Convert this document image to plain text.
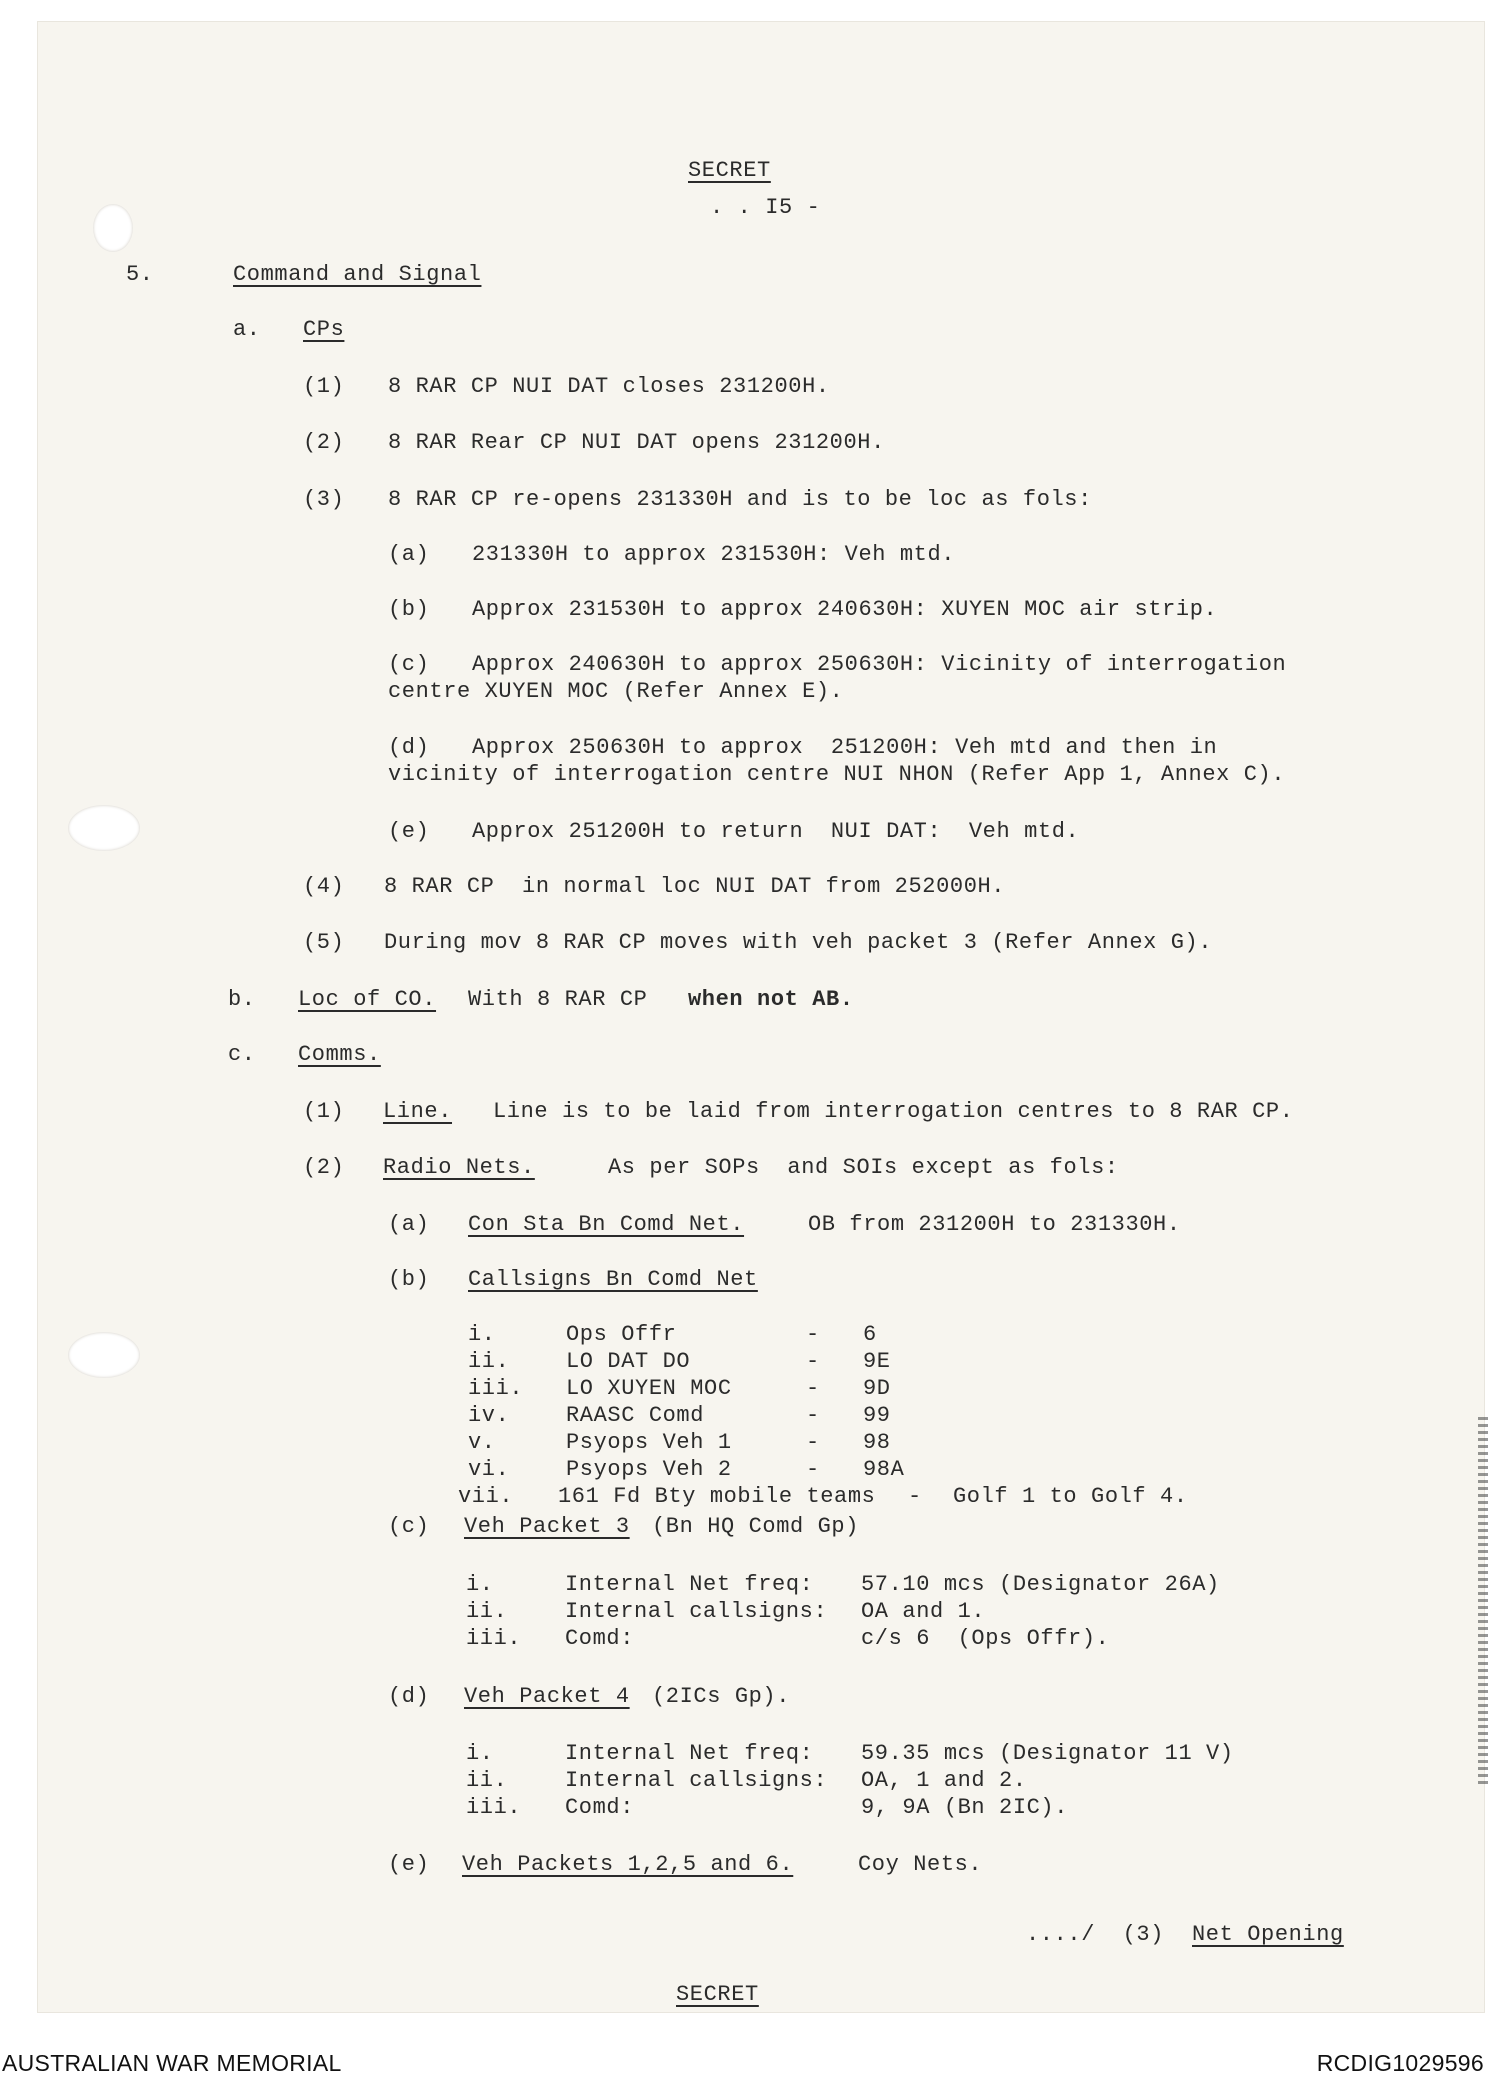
SECRET
. . I5 -
5.	Command and Signal
a. CPs
(1) 8 RAR CP NUI DAT closes 231200H.
(2) 8 RAR Rear CP NUI DAT opens 231200H.
(3) 8 RAR CP re-opens 231330H and is to be loc as fols:
(a) 231330H to approx 231530H: Veh mtd.
(b) Approx 231530H to approx 240630H: XUYEN MOC air strip.
(c) Approx 240630H to approx 250630H: Vicinity of interrogation
centre XUYEN MOC (Refer Annex E).
(d) Approx 250630H to approx  251200H: Veh mtd and then in
vicinity of interrogation centre NUI NHON (Refer App 1, Annex C).
(e) Approx 251200H to return  NUI DAT:  Veh mtd.
(4) 8 RAR CP  in normal loc NUI DAT from 252000H.
(5) During mov 8 RAR CP moves with veh packet 3 (Refer Annex G).
b. Loc of CO. With 8 RAR CP when not AB.
c. Comms.
(1) Line. Line is to be laid from interrogation centres to 8 RAR CP.
(2) Radio Nets.	As per SOPs  and SOIs except as fols:
(a) Con Sta Bn Comd Net.	OB from 231200H to 231330H.
(b) Callsigns Bn Comd Net
i.	Ops Offr	- 6
ii.	LO DAT DO	- 9E
iii. LO XUYEN MOC	- 9D
iv.	RAASC Comd	- 99
v.	Psyops Veh 1	- 98
vi.	Psyops Veh 2	- 98A
vii. 161 Fd Bty mobile teams - Golf 1 to Golf 4.
(c) Veh Packet 3 (Bn HQ Comd Gp)
i.	Internal Net freq: 57.10 mcs (Designator 26A)
ii.	Internal callsigns: OA and 1.
iii. Comd:	c/s 6  (Ops Offr).
(d) Veh Packet 4 (2ICs Gp).
i.	Internal Net freq: 59.35 mcs (Designator 11 V)
ii.	Internal callsigns: OA, 1 and 2.
iii. Comd:	9, 9A (Bn 2IC).
(e) Veh Packets 1,2,5 and 6.	Coy Nets.
..../  (3) Net Opening
SECRET
AUSTRALIAN WAR MEMORIAL	RCDIG1029596
